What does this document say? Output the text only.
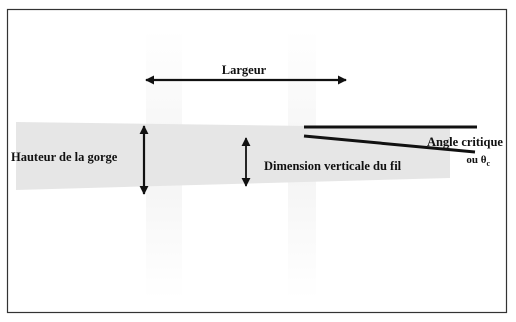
Largeur
Hauteur de la gorge
Dimension verticale du fil
Angle critique
ou $\theta_c$
